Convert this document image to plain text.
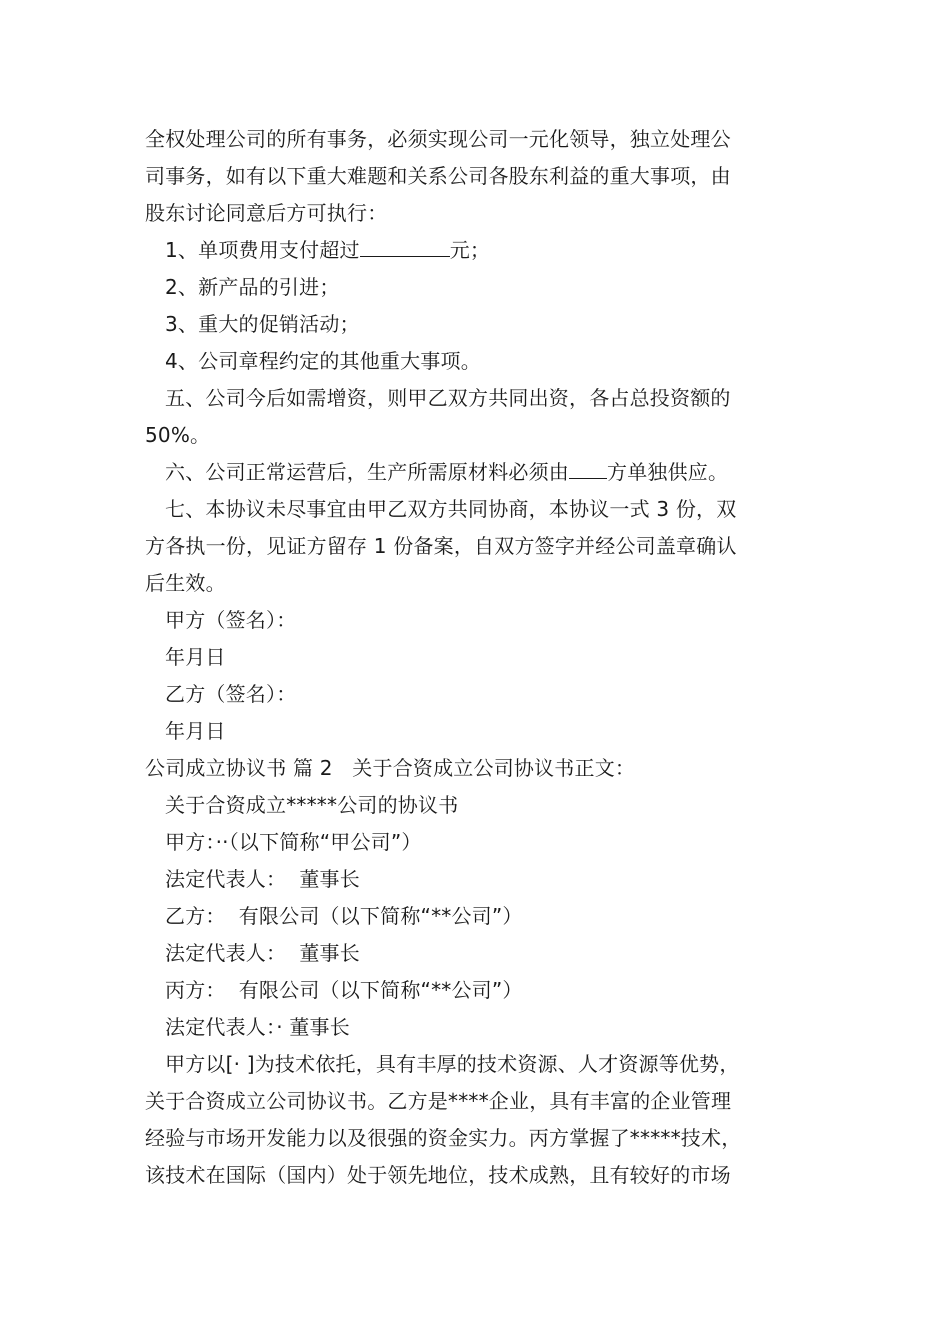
全权处理公司的所有事务，必须实现公司一元化领导，独立处理公
司事务，如有以下重大难题和关系公司各股东利益的重大事项，由
股东讨论同意后方可执行：
1、单项费用支付超过	元；
2、新产品的引进；
3、重大的促销活动；
4、公司章程约定的其他重大事项。
五、公司今后如需增资，则甲乙双方共同出资，各占总投资额的
50%。
六、公司正常运营后，生产所需原材料必须由 方单独供应。
七、本协议未尽事宜由甲乙双方共同协商，本协议一式 3 份，双
方各执一份，见证方留存 1 份备案，自双方签字并经公司盖章确认
后生效。
甲方（签名）：
年月日
乙方（签名）：
年月日
公司成立协议书 篇 2   关于合资成立公司协议书正文：
关于合资成立*****公司的协议书
甲方：··（以下简称“甲公司”）
法定代表人：  董事长
乙方：  有限公司（以下简称“**公司”）
法定代表人：  董事长
丙方：  有限公司（以下简称“**公司”）
法定代表人：· 董事长
甲方以[· ]为技术依托，具有丰厚的技术资源、人才资源等优势，
关于合资成立公司协议书。乙方是****企业，具有丰富的企业管理
经验与市场开发能力以及很强的资金实力。丙方掌握了*****技术，
该技术在国际（国内）处于领先地位，技术成熟，且有较好的市场
